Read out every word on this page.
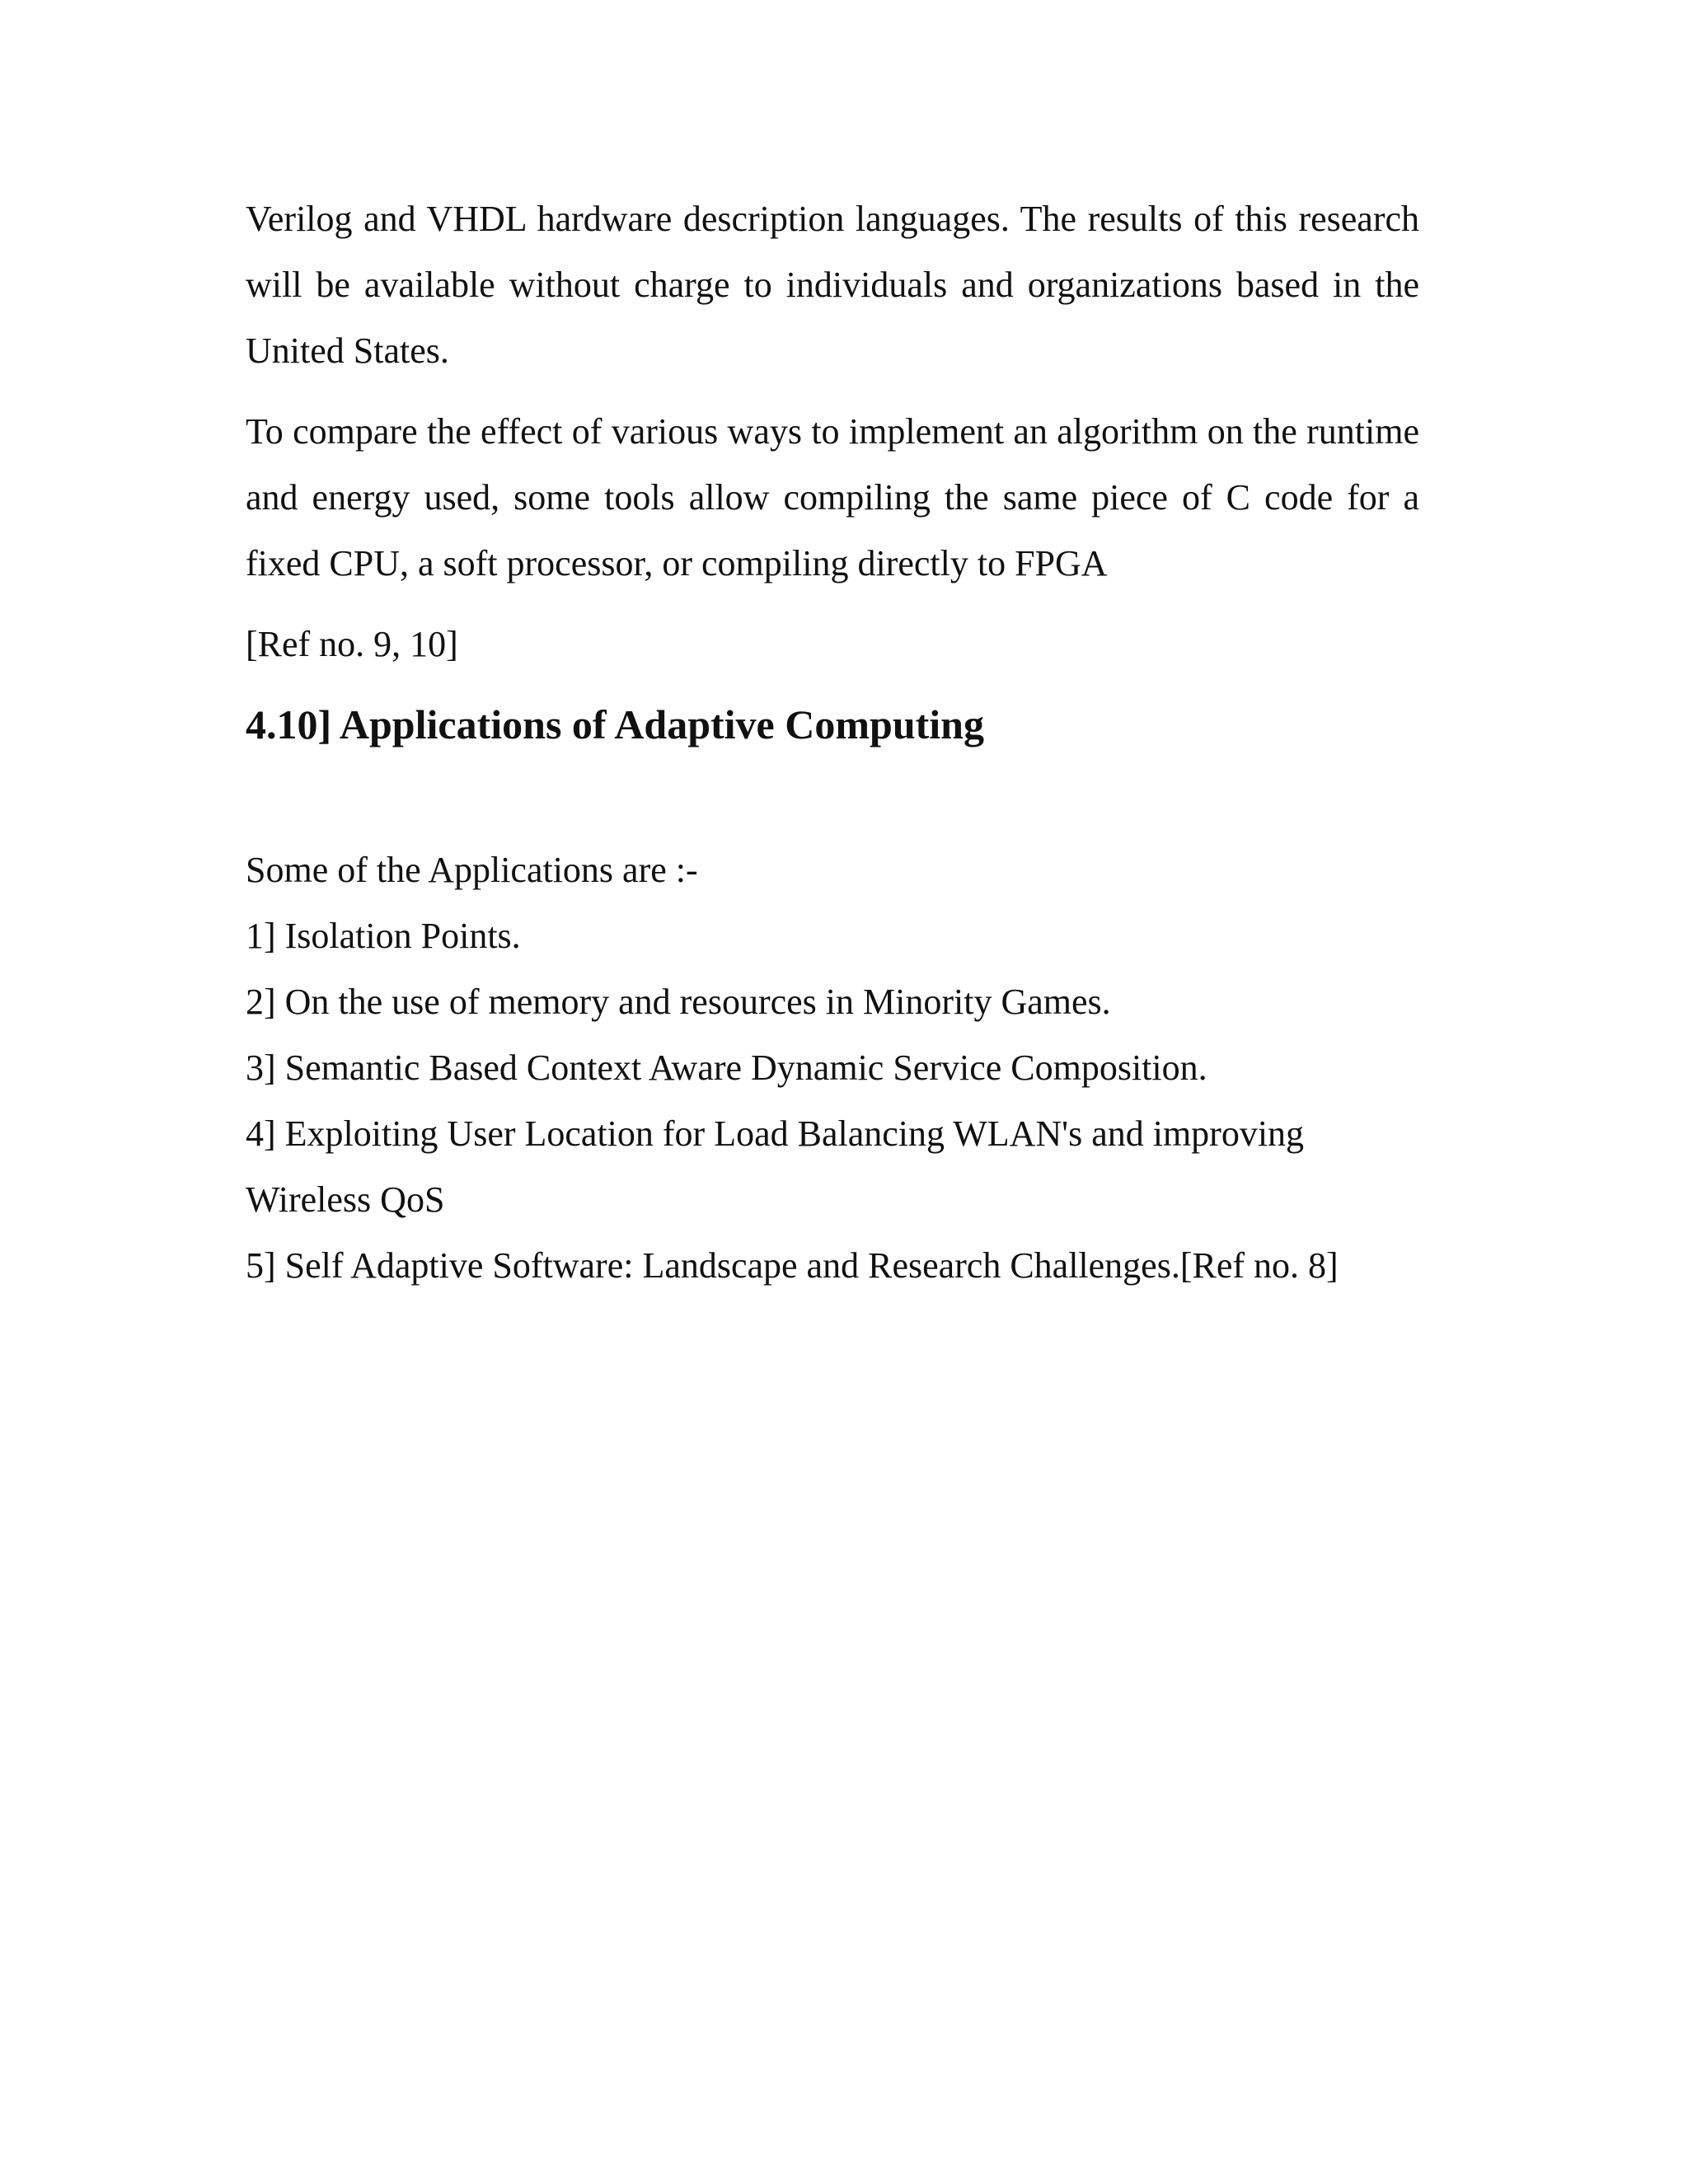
Verilog and VHDL hardware description languages. The results of this research will be available without charge to individuals and organizations based in the United States.

To compare the effect of various ways to implement an algorithm on the runtime and energy used, some tools allow compiling the same piece of C code for a fixed CPU, a soft processor, or compiling directly to FPGA

[Ref no. 9, 10]

4.10] Applications of Adaptive Computing

Some of the Applications are :-

1] Isolation Points.
2] On the use of memory and resources in Minority Games.
3] Semantic Based Context Aware Dynamic Service Composition.
4] Exploiting User Location for Load Balancing WLAN's and improving Wireless QoS
5] Self Adaptive Software: Landscape and Research Challenges.[Ref no. 8]
